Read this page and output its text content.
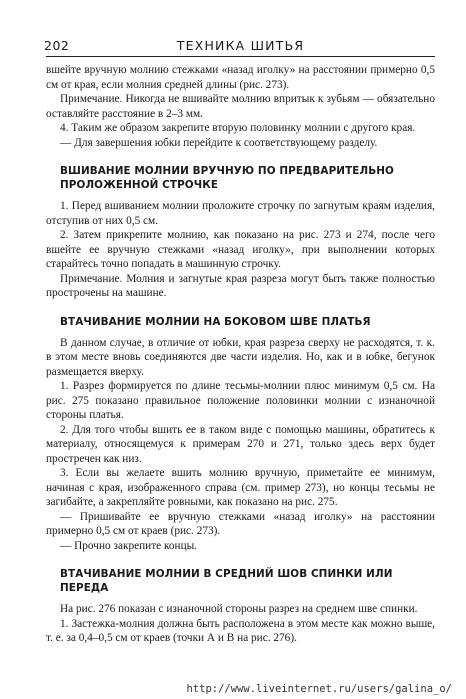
202	ТЕХНИКА ШИТЬЯ

вшейте вручную молнию стежками «назад иголку» на расстоянии примерно 0,5 см от края, если молния средней длины (рис. 273).

Примечание. Никогда не вшивайте молнию впритык к зубьям — обязательно оставляйте расстояние в 2–3 мм.

4. Таким же образом закрепите вторую половинку молнии с другого края.

— Для завершения юбки перейдите к соответствующему разделу.

ВШИВАНИЕ МОЛНИИ ВРУЧНУЮ ПО ПРЕДВАРИТЕЛЬНО ПРОЛОЖЕННОЙ СТРОЧКЕ

1. Перед вшиванием молнии проложите строчку по загнутым краям изделия, отступив от них 0,5 см.

2. Затем прикрепите молнию, как показано на рис. 273 и 274, после чего вшейте ее вручную стежками «назад иголку», при выполнении которых старайтесь точно попадать в машинную строчку.

Примечание. Молния и загнутые края разреза могут быть также полностью прострочены на машине.

ВТАЧИВАНИЕ МОЛНИИ НА БОКОВОМ ШВЕ ПЛАТЬЯ

В данном случае, в отличие от юбки, края разреза сверху не расходятся, т. к. в этом месте вновь соединяются две части изделия. Но, как и в юбке, бегунок размещается вверху.

1. Разрез формируется по длине тесьмы-молнии плюс минимум 0,5 см. На рис. 275 показано правильное положение половинки молнии с изнаночной стороны платья.

2. Для того чтобы вшить ее в таком виде с помощью машины, обратитесь к материалу, относящемуся к примерам 270 и 271, только здесь верх будет простречен как низ.

3. Если вы желаете вшить молнию вручную, приметайте ее минимум, начиная с края, изображенного справа (см. пример 273), но концы тесьмы не загибайте, а закрепляйте ровными, как показано на рис. 275.

— Пришивайте ее вручную стежками «назад иголку» на расстоянии примерно 0,5 см от краев (рис. 273).

— Прочно закрепите концы.

ВТАЧИВАНИЕ МОЛНИИ В СРЕДНИЙ ШОВ СПИНКИ ИЛИ ПЕРЕДА

На рис. 276 показан с изнаночной стороны разрез на среднем шве спинки.

1. Застежка-молния должна быть расположена в этом месте как можно выше, т. е. за 0,4–0,5 см от краев (точки А и В на рис. 276).

http://www.liveinternet.ru/users/galina_o/
